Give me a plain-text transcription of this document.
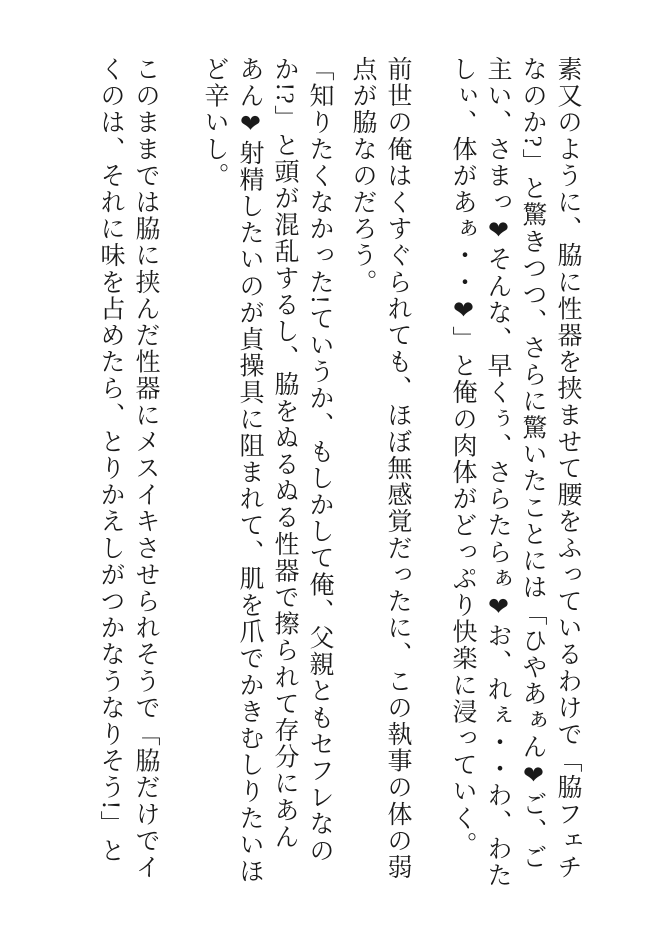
素又のように、脇に性器を挟ませて腰をふっているわけで「脇フェチ
なのか?」と驚きつつ、さらに驚いたことには「ひやあぁん❤ご、ご
主い、さまっ❤そんな、早くぅ、さらたらぁ❤お、れぇ・・わ、わた
しぃ、体があぁ・・❤」と俺の肉体がどっぷり快楽に浸っていく。
前世の俺はくすぐられても、ほぼ無感覚だったに、この執事の体の弱
点が脇なのだろう。
「知りたくなかった!ていうか、もしかして俺、父親ともセフレなの
か!?」と頭が混乱するし、脇をぬるぬる性器で擦られて存分にあん
あん❤射精したいのが貞操具に阻まれて、肌を爪でかきむしりたいほ
ど辛いし。
このままでは脇に挟んだ性器にメスイキさせられそうで「脇だけでイ
くのは、それに味を占めたら、とりかえしがつかなうなりそう!」と
